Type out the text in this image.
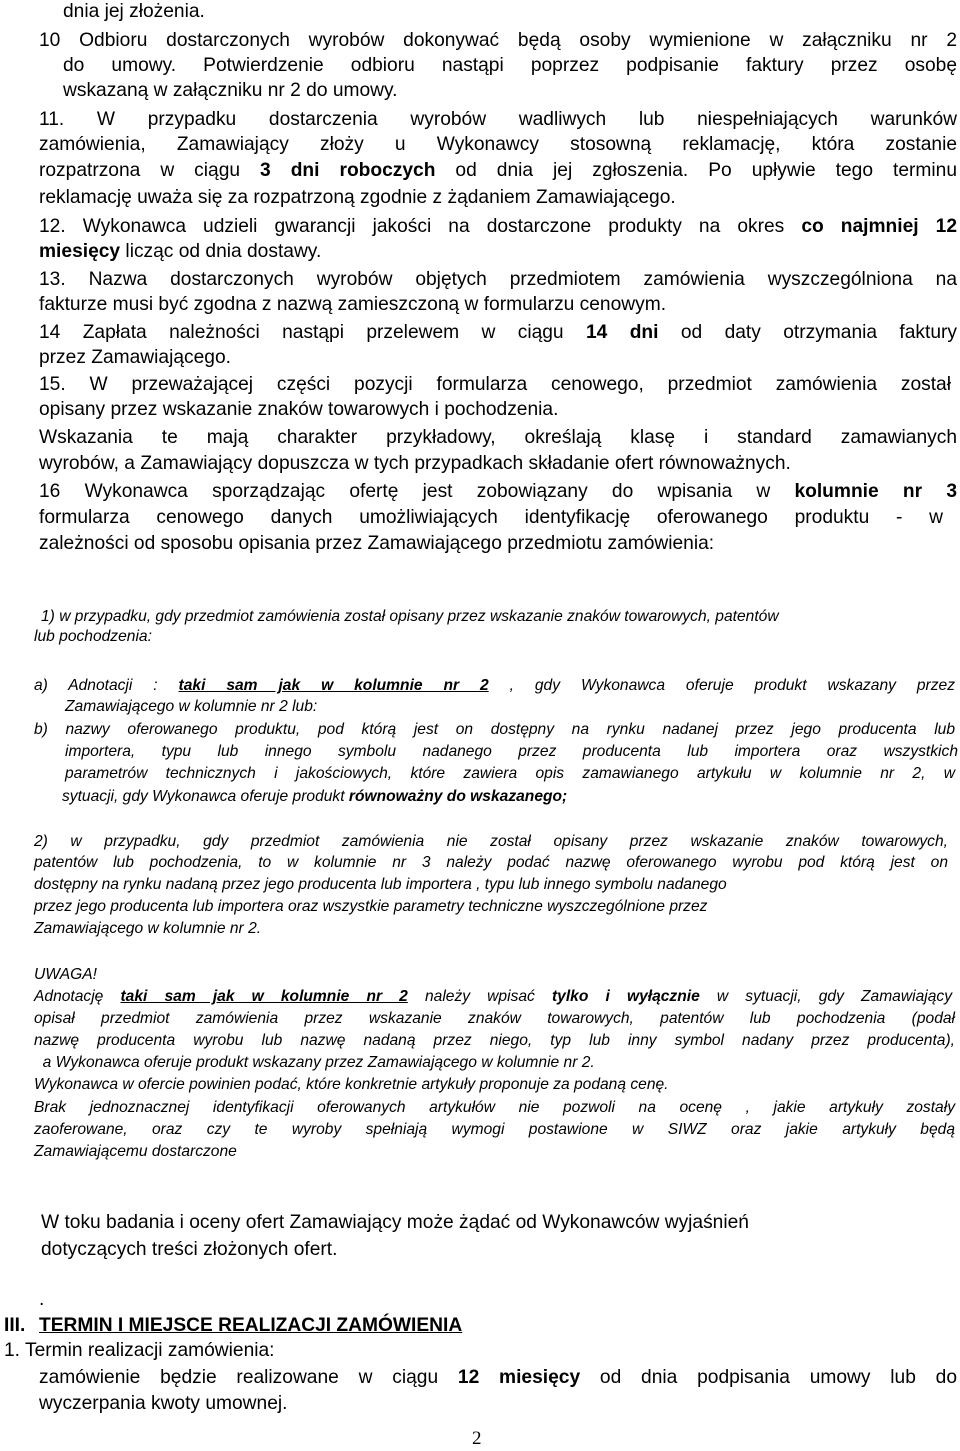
dnia jej złożenia.
10 Odbioru dostarczonych wyrobów dokonywać będą osoby wymienione w załączniku nr 2
do umowy. Potwierdzenie odbioru nastąpi poprzez podpisanie faktury przez osobę
wskazaną w załączniku nr 2 do umowy.
11. W przypadku dostarczenia wyrobów wadliwych lub niespełniających warunków
zamówienia, Zamawiający złoży u Wykonawcy stosowną reklamację, która zostanie
rozpatrzona w ciągu 3 dni roboczych od dnia jej zgłoszenia. Po upływie tego terminu
reklamację uważa się za rozpatrzoną zgodnie z żądaniem Zamawiającego.
12. Wykonawca udzieli gwarancji jakości na dostarczone produkty na okres co najmniej 12
miesięcy licząc od dnia dostawy.
13. Nazwa dostarczonych wyrobów objętych przedmiotem zamówienia wyszczególniona na
fakturze musi być zgodna z nazwą zamieszczoną w formularzu cenowym.
14 Zapłata należności nastąpi przelewem w ciągu 14 dni od daty otrzymania faktury
przez Zamawiającego.
15. W przeważającej części pozycji formularza cenowego, przedmiot zamówienia został
opisany przez wskazanie znaków towarowych i pochodzenia.
Wskazania te mają charakter przykładowy, określają klasę i standard zamawianych
wyrobów, a Zamawiający dopuszcza w tych przypadkach składanie ofert równoważnych.
16 Wykonawca sporządzając ofertę jest zobowiązany do wpisania w kolumnie nr 3
formularza cenowego danych umożliwiających identyfikację oferowanego produktu - w
zależności od sposobu opisania przez Zamawiającego przedmiotu zamówienia:
1) w przypadku, gdy przedmiot zamówienia został opisany przez wskazanie znaków towarowych, patentów
lub pochodzenia:
a) Adnotacji : taki sam jak w kolumnie nr 2 , gdy Wykonawca oferuje produkt wskazany przez
Zamawiającego w kolumnie nr 2 lub:
b) nazwy oferowanego produktu, pod którą jest on dostępny na rynku nadanej przez jego producenta lub
importera, typu lub innego symbolu nadanego przez producenta lub importera oraz wszystkich
parametrów technicznych i jakościowych, które zawiera opis zamawianego artykułu w kolumnie nr 2, w
sytuacji, gdy Wykonawca oferuje produkt równoważny do wskazanego;
2) w przypadku, gdy przedmiot zamówienia nie został opisany przez wskazanie znaków towarowych,
patentów lub pochodzenia, to w kolumnie nr 3 należy podać nazwę oferowanego wyrobu pod którą jest on
dostępny na rynku nadaną przez jego producenta lub importera , typu lub innego symbolu nadanego
przez jego producenta lub importera oraz wszystkie parametry techniczne wyszczególnione przez
Zamawiającego w kolumnie nr 2.
UWAGA!
Adnotację taki sam jak w kolumnie nr 2 należy wpisać tylko i wyłącznie w sytuacji, gdy Zamawiający
opisał przedmiot zamówienia przez wskazanie znaków towarowych, patentów lub pochodzenia (podał
nazwę producenta wyrobu lub nazwę nadaną przez niego, typ lub inny symbol nadany przez producenta),
a Wykonawca oferuje produkt wskazany przez Zamawiającego w kolumnie nr 2.
Wykonawca w ofercie powinien podać, które konkretnie artykuły proponuje za podaną cenę.
Brak jednoznacznej identyfikacji oferowanych artykułów nie pozwoli na ocenę , jakie artykuły zostały
zaoferowane, oraz czy te wyroby spełniają wymogi postawione w SIWZ oraz jakie artykuły będą
Zamawiającemu dostarczone
W toku badania i oceny ofert Zamawiający może żądać od Wykonawców wyjaśnień
dotyczących treści złożonych ofert.
.
III. TERMIN I MIEJSCE REALIZACJI ZAMÓWIENIA
1. Termin realizacji zamówienia:
zamówienie będzie realizowane w ciągu 12 miesięcy od dnia podpisania umowy lub do
wyczerpania kwoty umownej.
2
